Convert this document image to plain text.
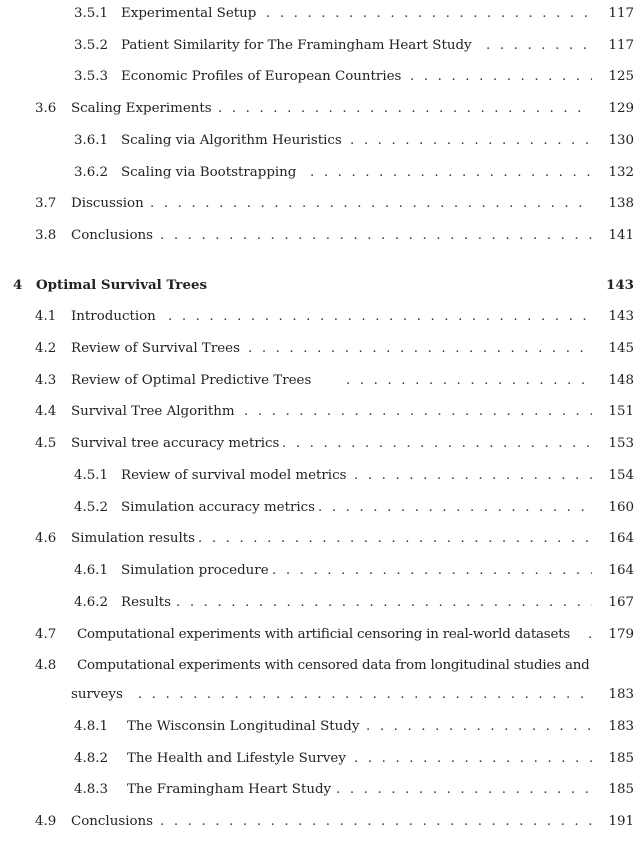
3.5.1 . . . Experimental Setup	117
3.5.2 . . . Patient Similarity for The Framingham Heart Study	117
3.5.3 . . . Economic Profiles of European Countries	125
3.6 . . . Scaling Experiments	129
3.6.1 . . . Scaling via Algorithm Heuristics	130
3.6.2 . . . Scaling via Bootstrapping	132
3.7 . . . Discussion	138
3.8 . . . Conclusions	141
4 Optimal Survival Trees	143
4.1 . . . Introduction	143
4.2 . . . Review of Survival Trees	145
4.3 . . . Review of Optimal Predictive Trees	148
4.4 . . . Survival Tree Algorithm	151
4.5 . . . Survival tree accuracy metrics	153
4.5.1 . . . Review of survival model metrics	154
4.5.2 . . . Simulation accuracy metrics	160
4.6 . . . Simulation results	164
4.6.1 . . . Simulation procedure	164
4.6.2 . . . Results	167
4.7 . . . Computational experiments with artificial censoring in real-world datasets	179
4.8 Computational experiments with censored data from longitudinal studies and
. . .
surveys	183
4.8.1 . . . The Wisconsin Longitudinal Study	183
4.8.2 . . . The Health and Lifestyle Survey	185
4.8.3 . . . The Framingham Heart Study	185
4.9 . . . Conclusions	191
